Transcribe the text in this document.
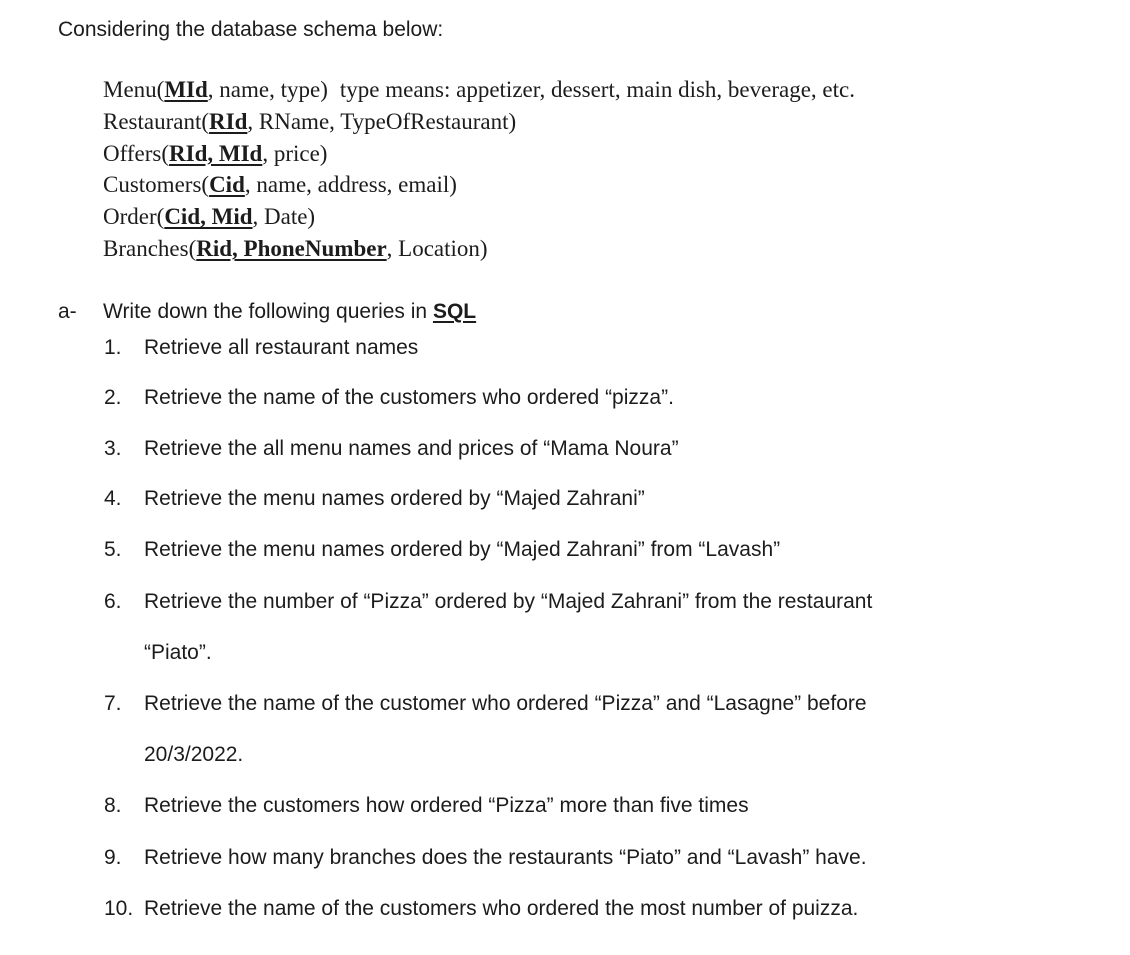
Considering the database schema below:
Menu(MId, name, type) type means: appetizer, dessert, main dish, beverage, etc.
Restaurant(RId, RName, TypeOfRestaurant)
Offers(RId, MId, price)
Customers(Cid, name, address, email)
Order(Cid, Mid, Date)
Branches(Rid, PhoneNumber, Location)
a- Write down the following queries in SQL
1. Retrieve all restaurant names
2. Retrieve the name of the customers who ordered “pizza”.
3. Retrieve the all menu names and prices of “Mama Noura”
4. Retrieve the menu names ordered by “Majed Zahrani”
5. Retrieve the menu names ordered by “Majed Zahrani” from “Lavash”
6. Retrieve the number of “Pizza” ordered by “Majed Zahrani” from the restaurant
“Piato”.
7. Retrieve the name of the customer who ordered “Pizza” and “Lasagne” before
20/3/2022.
8. Retrieve the customers how ordered “Pizza” more than five times
9. Retrieve how many branches does the restaurants “Piato” and “Lavash” have.
10. Retrieve the name of the customers who ordered the most number of puizza.
